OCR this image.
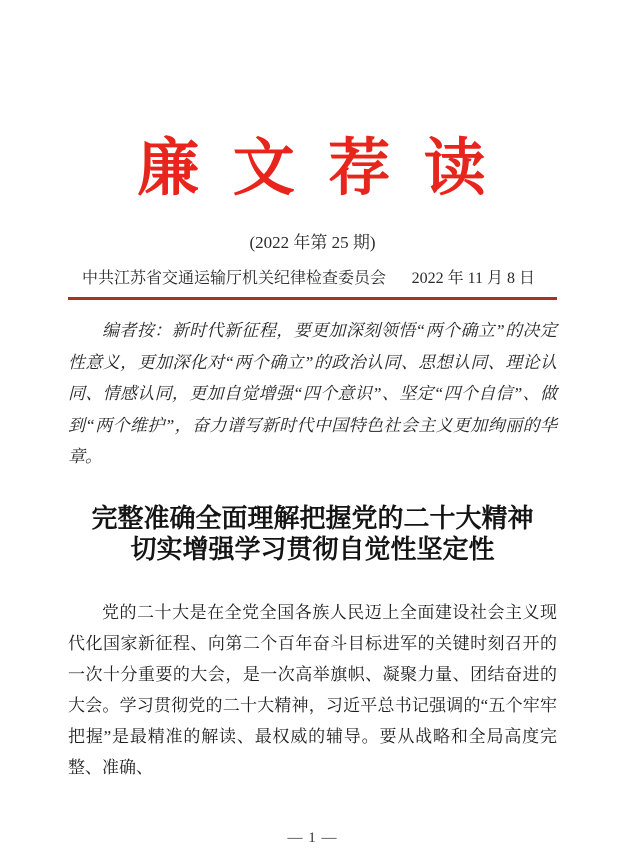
廉 文 荐 读
(2022 年第 25 期)
中共江苏省交通运输厅机关纪律检查委员会 2022 年 11 月 8 日

编者按：新时代新征程，要更加深刻领悟“两个确立”的决定性意义，更加深化对“两个确立”的政治认同、思想认同、理论认同、情感认同，更加自觉增强“四个意识”、坚定“四个自信”、做到“两个维护”，奋力谱写新时代中国特色社会主义更加绚丽的华章。

完整准确全面理解把握党的二十大精神
切实增强学习贯彻自觉性坚定性

党的二十大是在全党全国各族人民迈上全面建设社会主义现代化国家新征程、向第二个百年奋斗目标进军的关键时刻召开的一次十分重要的大会，是一次高举旗帜、凝聚力量、团结奋进的大会。学习贯彻党的二十大精神，习近平总书记强调的“五个牢牢把握”是最精准的解读、最权威的辅导。要从战略和全局高度完整、准确、

— 1 —
